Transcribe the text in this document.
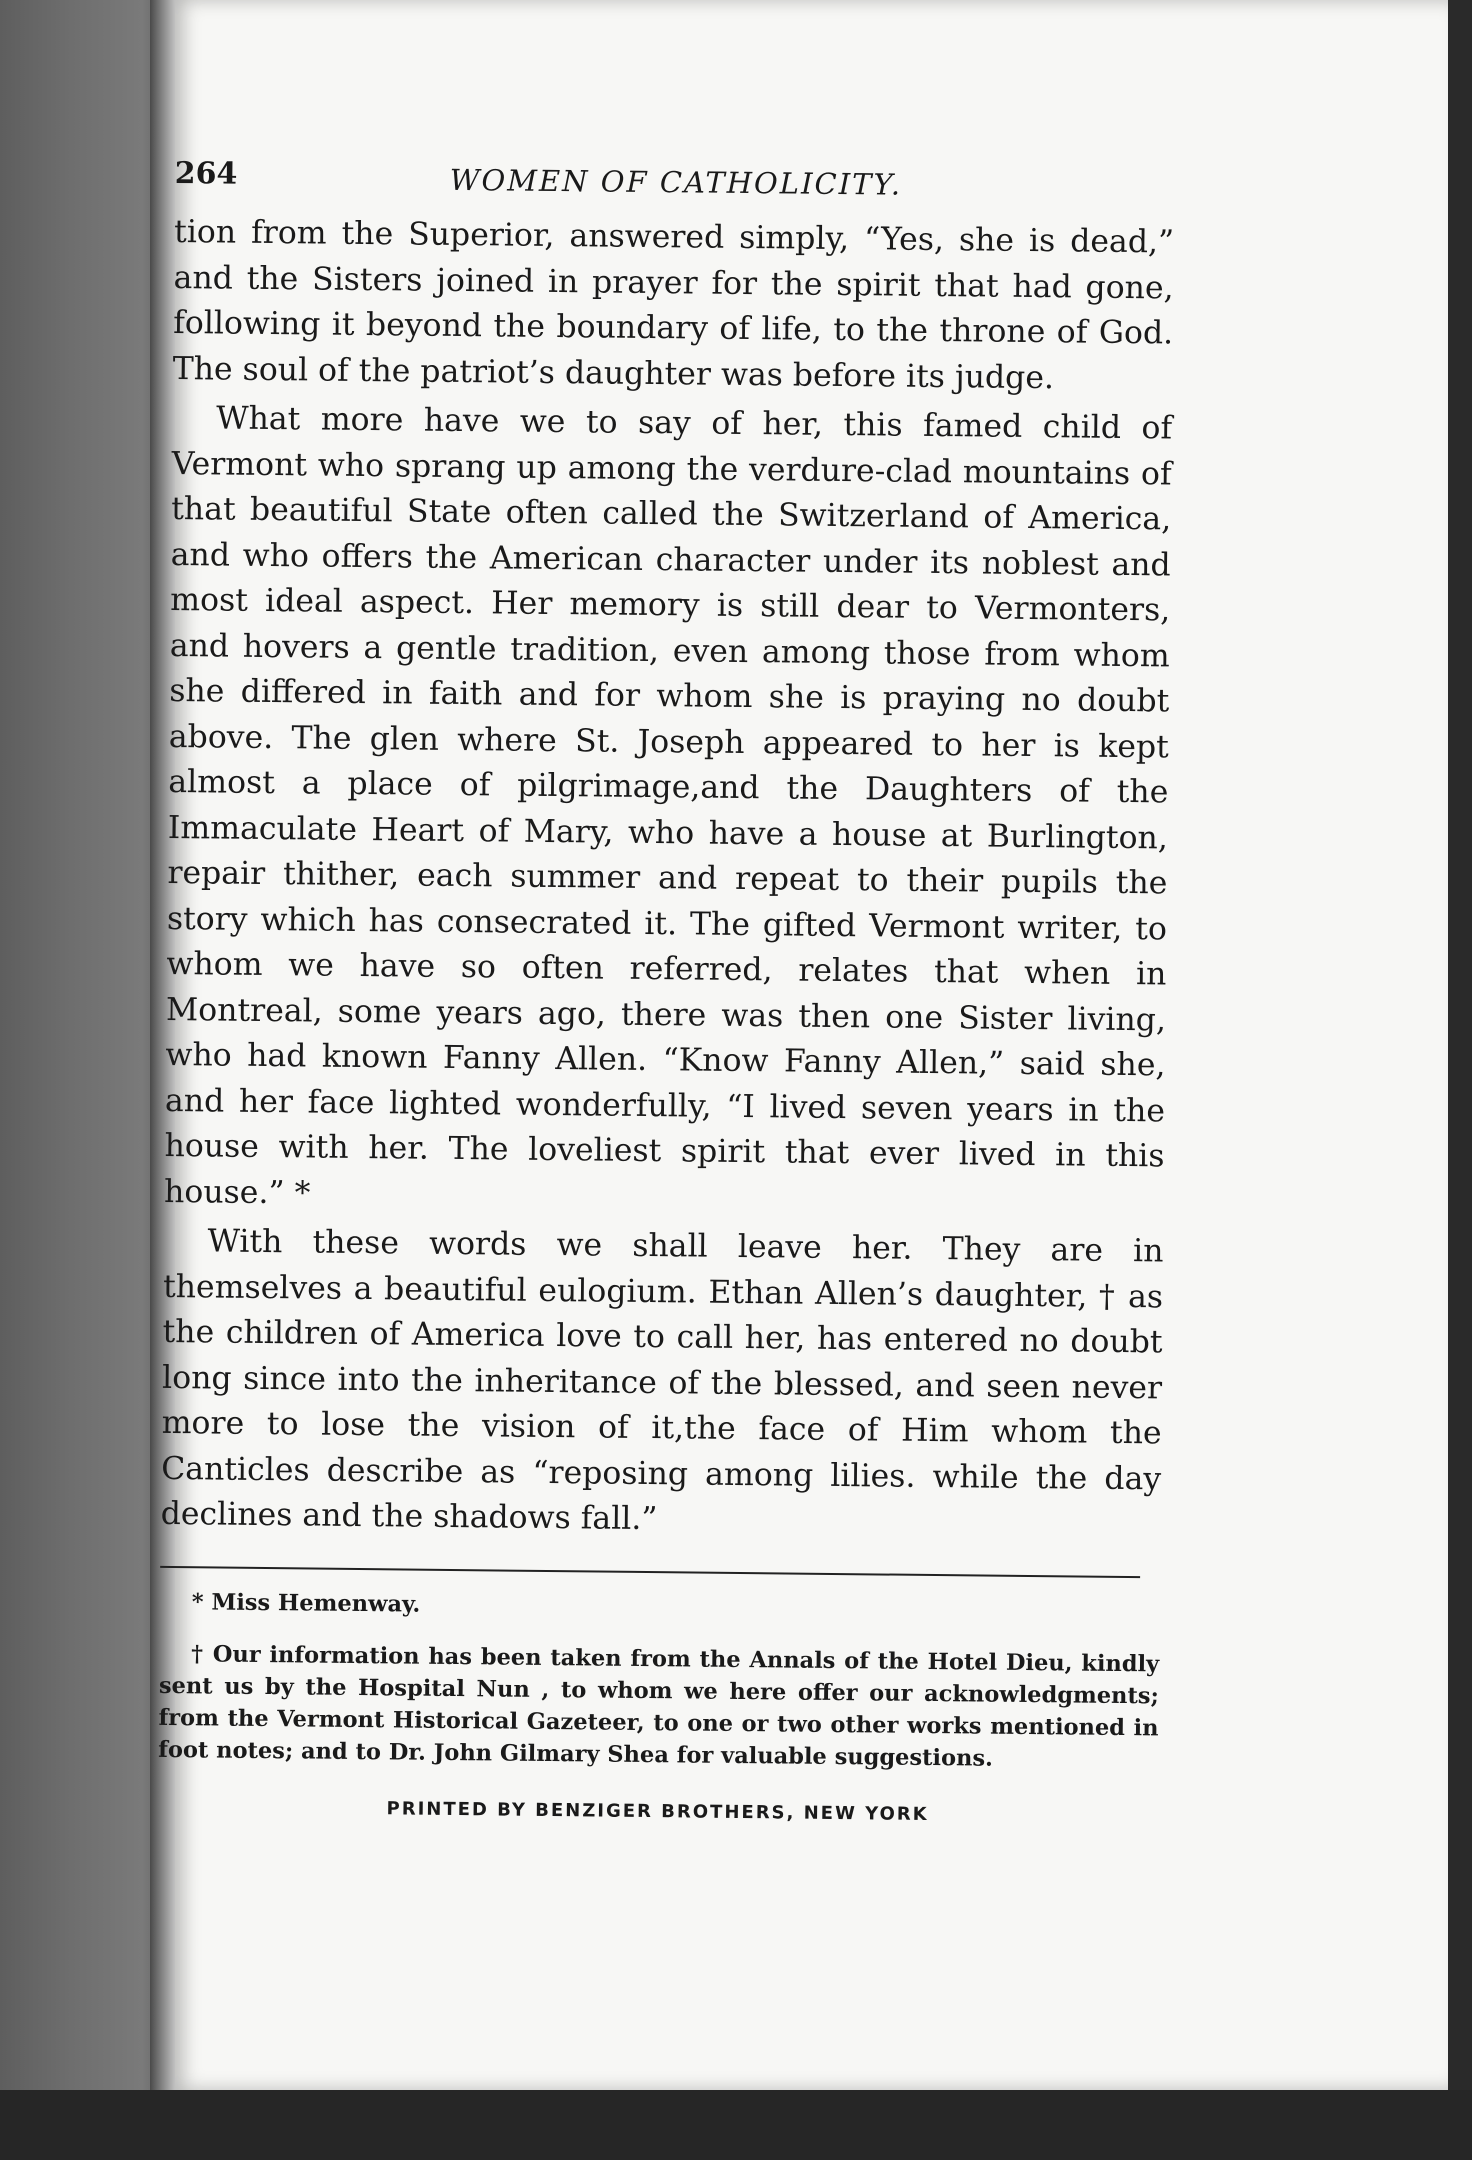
264	WOMEN OF CATHOLICITY.

tion from the Superior, answered simply, “Yes, she is dead,” and the Sisters joined in prayer for the spirit that had gone, following it beyond the boundary of life, to the throne of God. The soul of the patriot’s daughter was before its judge.

What more have we to say of her, this famed child of Vermont who sprang up among the verdure-clad mountains of that beautiful State often called the Switzerland of America, and who offers the American character under its noblest and most ideal aspect. Her memory is still dear to Vermonters, and hovers a gentle tradition, even among those from whom she differed in faith and for whom she is praying no doubt above. The glen where St. Joseph appeared to her is kept almost a place of pilgrimage,and the Daughters of the Immaculate Heart of Mary, who have a house at Burlington, repair thither, each summer and repeat to their pupils the story which has consecrated it. The gifted Vermont writer, to whom we have so often referred, relates that when in Montreal, some years ago, there was then one Sister living, who had known Fanny Allen. “Know Fanny Allen,” said she, and her face lighted wonderfully, “I lived seven years in the house with her. The loveliest spirit that ever lived in this house.” *

With these words we shall leave her. They are in themselves a beautiful eulogium. Ethan Allen’s daughter, † as the children of America love to call her, has entered no doubt long since into the inheritance of the blessed, and seen never more to lose the vision of it,the face of Him whom the Canticles describe as “reposing among lilies. while the day declines and the shadows fall.”

* Miss Hemenway.

† Our information has been taken from the Annals of the Hotel Dieu, kindly sent us by the Hospital Nun , to whom we here offer our acknowledgments; from the Vermont Historical Gazeteer, to one or two other works mentioned in foot notes; and to Dr. John Gilmary Shea for valuable suggestions.

PRINTED BY BENZIGER BROTHERS, NEW YORK
